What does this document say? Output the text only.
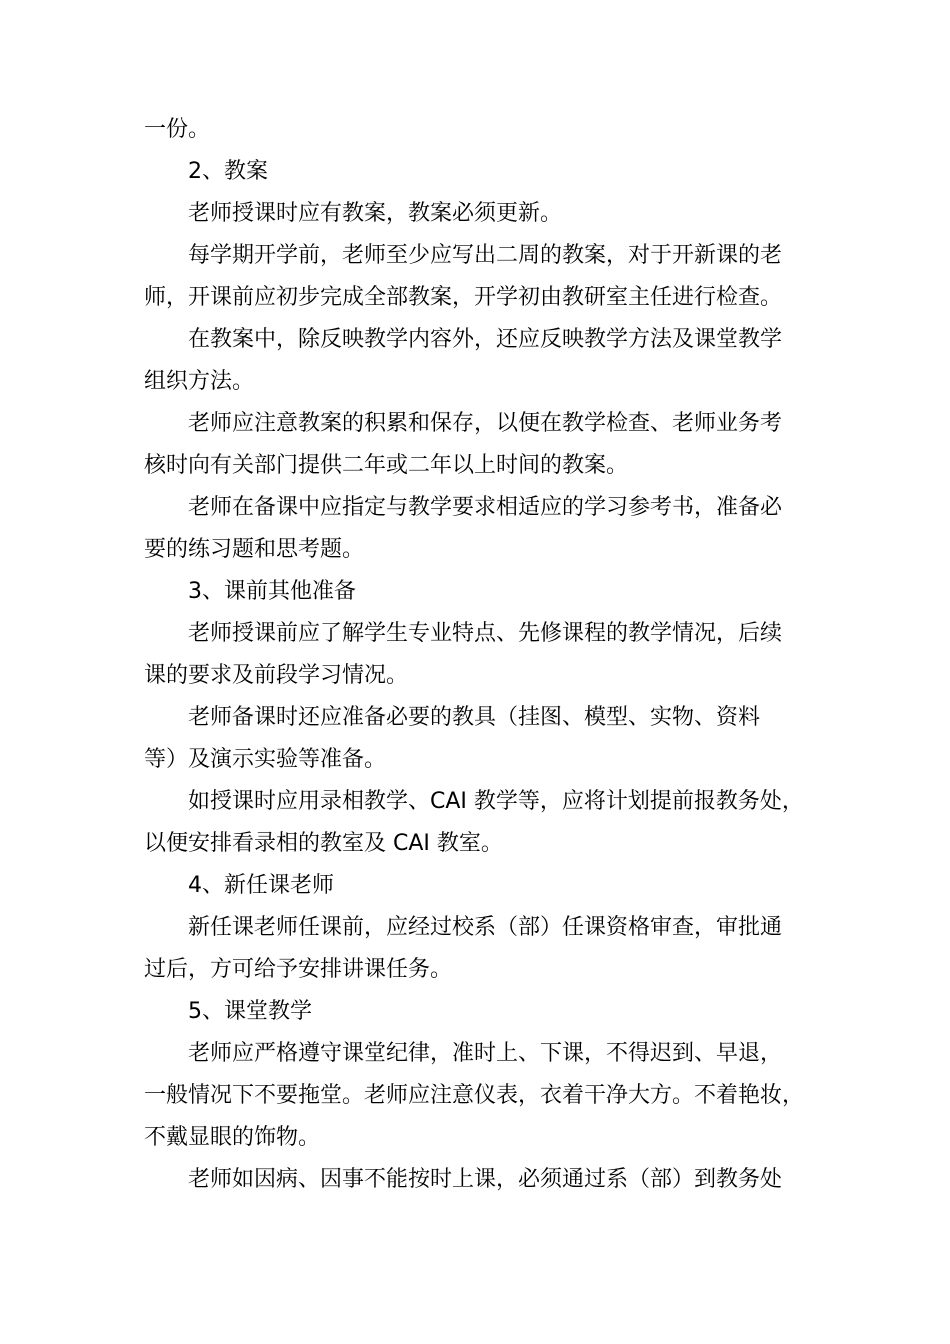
一份。
2、教案
老师授课时应有教案，教案必须更新。
每学期开学前，老师至少应写出二周的教案，对于开新课的老
师，开课前应初步完成全部教案，开学初由教研室主任进行检查。
在教案中，除反映教学内容外，还应反映教学方法及课堂教学
组织方法。
老师应注意教案的积累和保存，以便在教学检查、老师业务考
核时向有关部门提供二年或二年以上时间的教案。
老师在备课中应指定与教学要求相适应的学习参考书，准备必
要的练习题和思考题。
3、课前其他准备
老师授课前应了解学生专业特点、先修课程的教学情况，后续
课的要求及前段学习情况。
老师备课时还应准备必要的教具（挂图、模型、实物、资料
等）及演示实验等准备。
如授课时应用录相教学、CAI 教学等，应将计划提前报教务处，
以便安排看录相的教室及 CAI 教室。
4、新任课老师
新任课老师任课前，应经过校系（部）任课资格审查，审批通
过后，方可给予安排讲课任务。
5、课堂教学
老师应严格遵守课堂纪律，准时上、下课，不得迟到、早退，
一般情况下不要拖堂。老师应注意仪表，衣着干净大方。不着艳妆，
不戴显眼的饰物。
老师如因病、因事不能按时上课，必须通过系（部）到教务处
